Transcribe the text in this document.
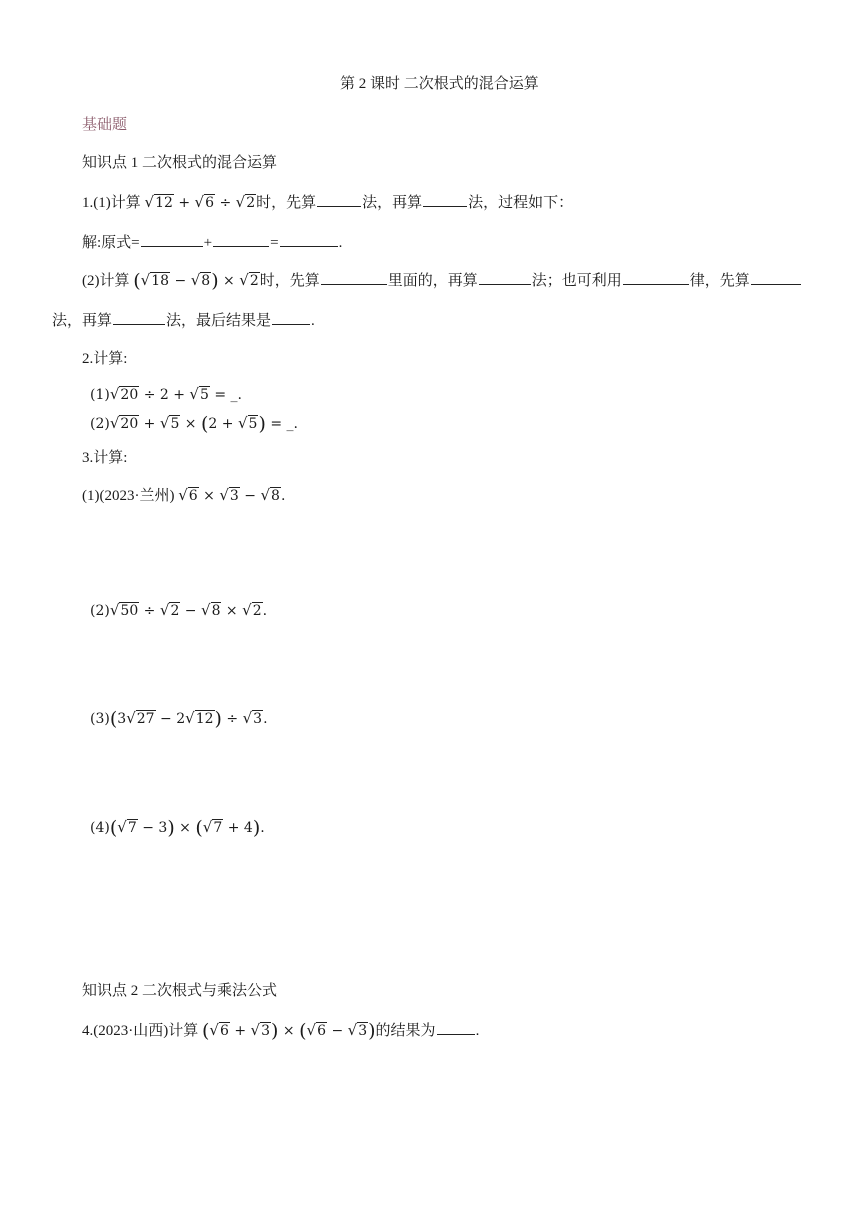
第 2 课时 二次根式的混合运算
基础题
知识点 1 二次根式的混合运算
1.(1)计算 √12 + √6 ÷ √2时，先算	法，再算	法，过程如下：
解:原式=	+	=	.
(2)计算 (√18 − √8) × √2时，先算	里面的，再算	法；也可利用	律，先算
法，再算	法，最后结果是	.
2.计算:
(1)√20 ÷ 2 + √5 = _.
(2)√20 + √5 × (2 + √5) = _.
3.计算:
(1)(2023·兰州) √6 × √3 − √8.
(2)√50 ÷ √2 − √8 × √2.
(3)(3√27 − 2√12) ÷ √3.
(4)(√7 − 3) × (√7 + 4).
知识点 2 二次根式与乘法公式
4.(2023·山西)计算 (√6 + √3) × (√6 − √3)的结果为	.
